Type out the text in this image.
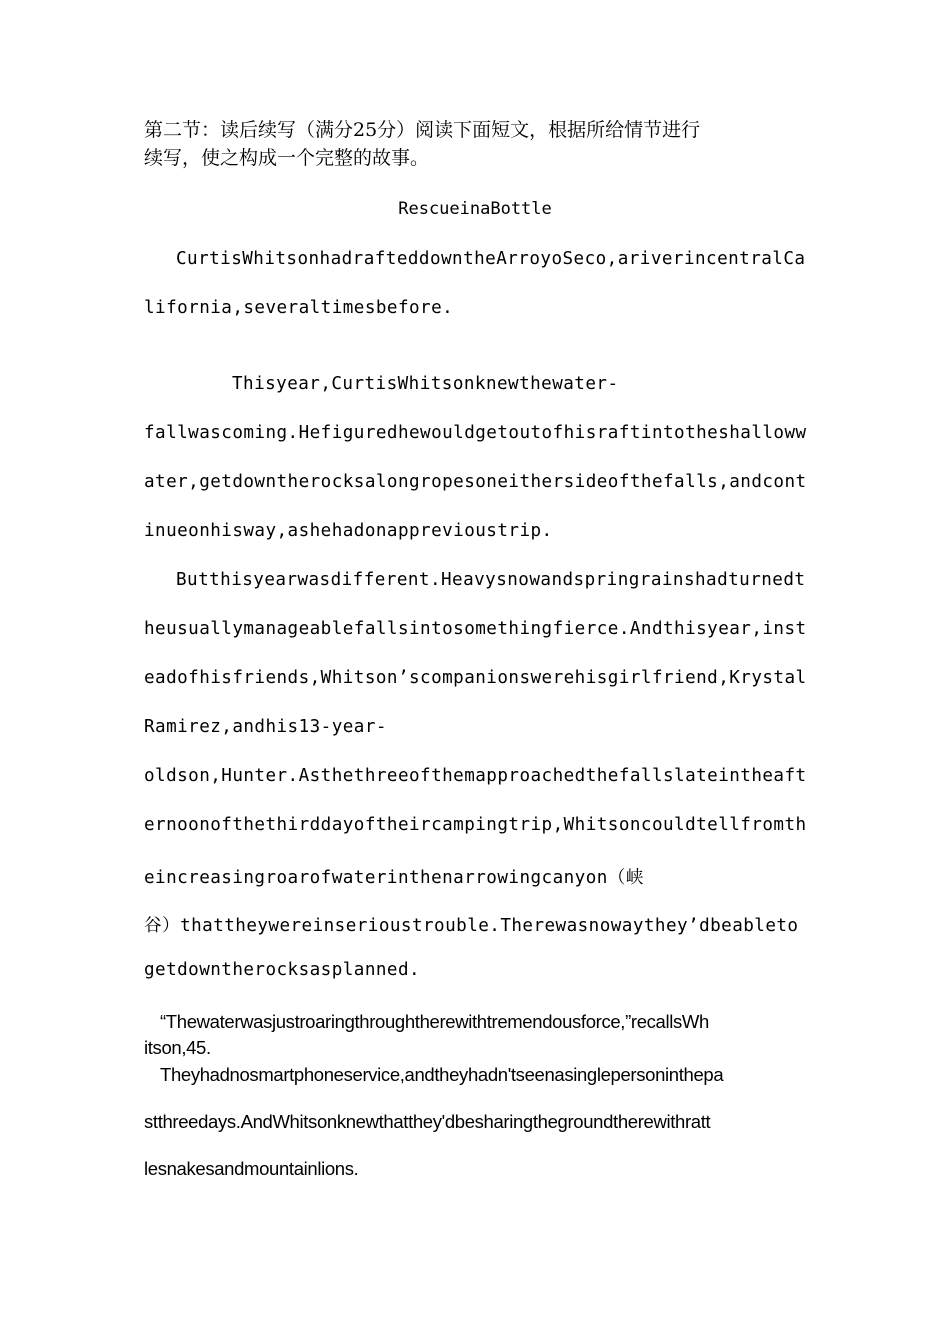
第二节：读后续写（满分25分）阅读下面短文，根据所给情节进行

续写，使之构成一个完整的故事。

RescueinaBottle

CurtisWhitsonhadrafteddowntheArroyoSeco,ariverincentralCa

lifornia,severaltimesbefore.

Thisyear,CurtisWhitsonknewthewater-

fallwascoming.Hefiguredhewouldgetoutofhisraftintotheshalloww

ater,getdowntherocksalongropesoneithersideofthefalls,andcont

inueonhisway,ashehadonapprevioustrip.

Butthisyearwasdifferent.Heavysnowandspringrainshadturnedt

heusuallymanageablefallsintosomethingfierce.Andthisyear,inst

eadofhisfriends,Whitson’scompanionswerehisgirlfriend,Krystal

Ramirez,andhis13-year-

oldson,Hunter.Asthethreeofthemapproachedthefallslateintheaft

ernoonofthethirddayoftheircampingtrip,Whitsoncouldtellfromth

eincreasingroarofwaterinthenarrowingcanyon（峡

谷）thattheywereinserioustrouble.Therewasnowaythey’dbeableto

getdowntherocksasplanned.

“Thewaterwasjustroaringthroughtherewithtremendousforce,”recallsWh

itson,45.

Theyhadnosmartphoneservice,andtheyhadn'tseenasinglepersoninthepa

stthreedays.AndWhitsonknewthatthey'dbesharingthegroundtherewithratt

lesnakesandmountainlions.
